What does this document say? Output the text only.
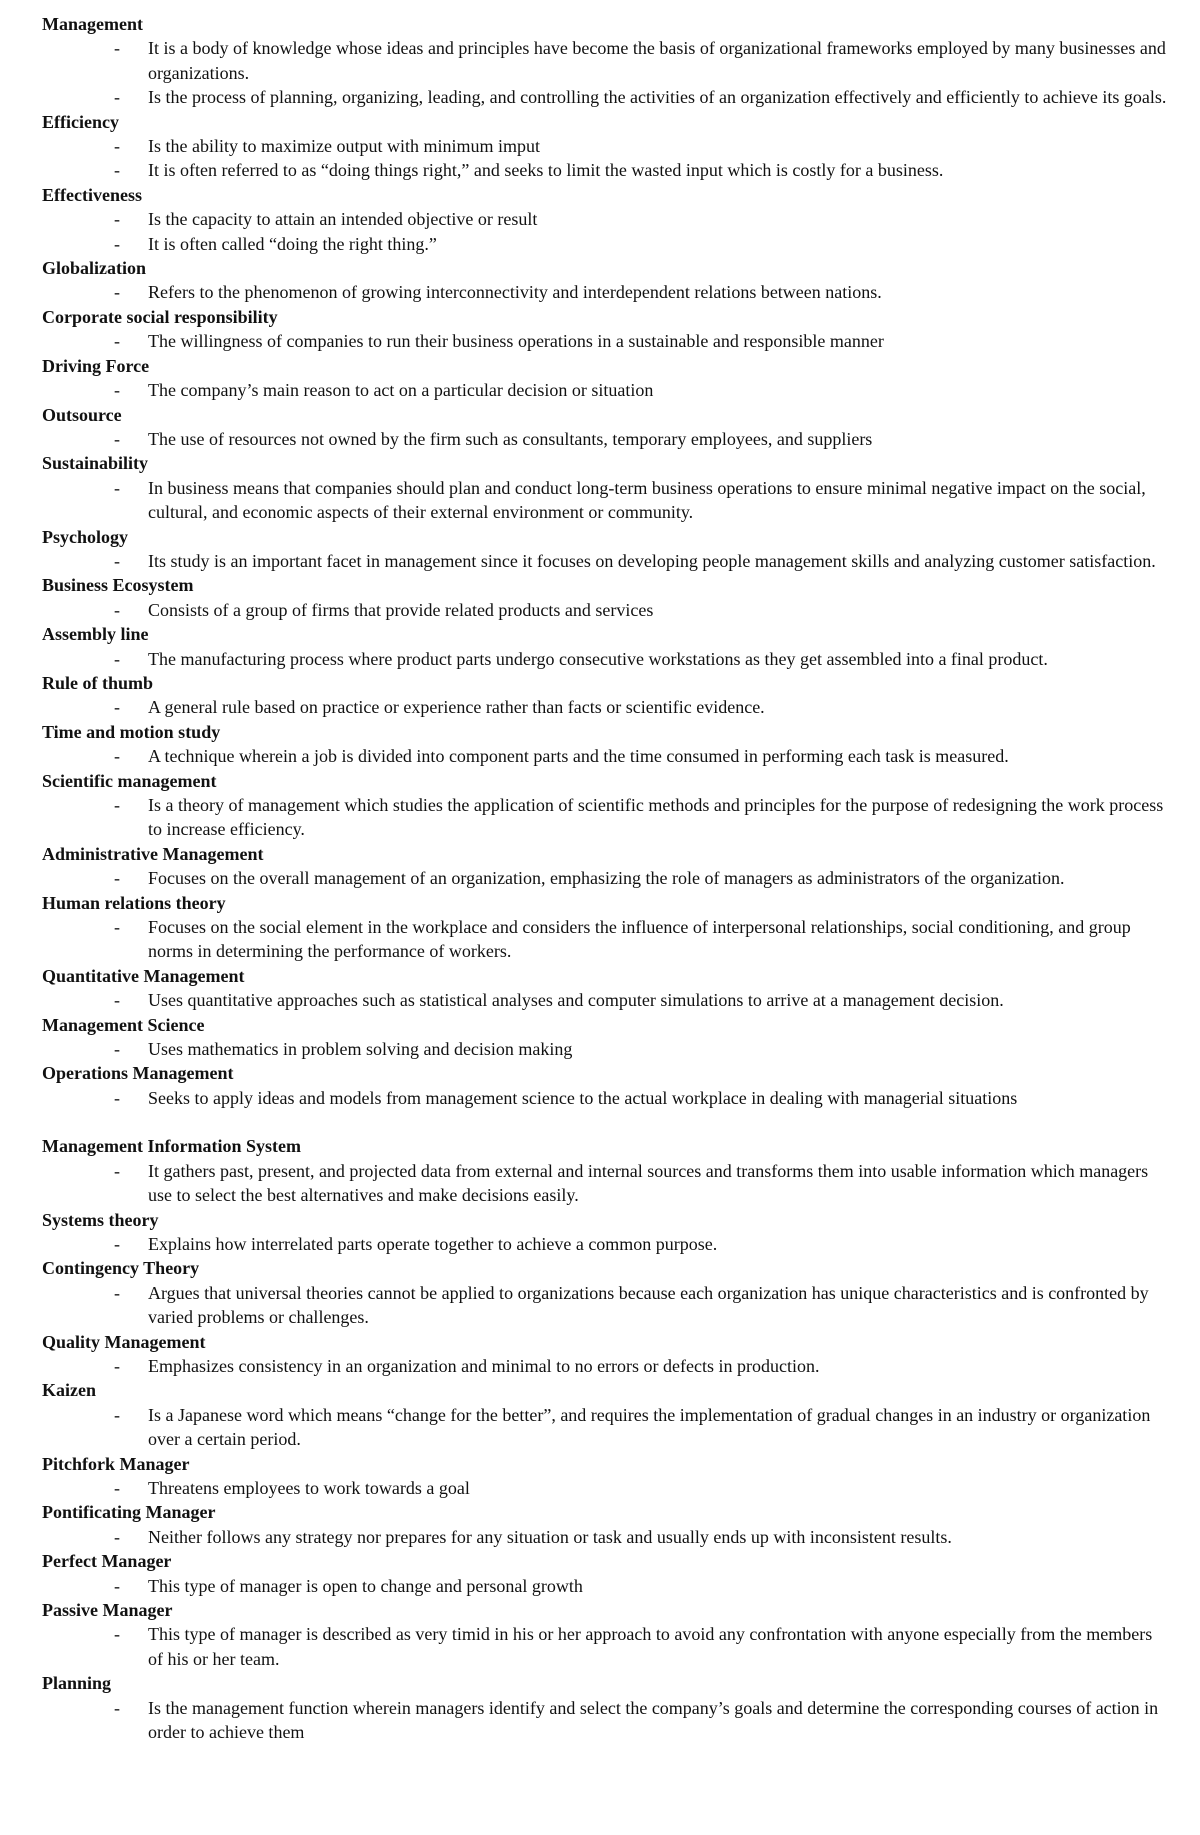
Management

- It is a body of knowledge whose ideas and principles have become the basis of organizational frameworks employed by many businesses and organizations.
- Is the process of planning, organizing, leading, and controlling the activities of an organization effectively and efficiently to achieve its goals.

Efficiency

- Is the ability to maximize output with minimum imput
- It is often referred to as “doing things right,” and seeks to limit the wasted input which is costly for a business.

Effectiveness

- Is the capacity to attain an intended objective or result
- It is often called “doing the right thing.”

Globalization

- Refers to the phenomenon of growing interconnectivity and interdependent relations between nations.

Corporate social responsibility

- The willingness of companies to run their business operations in a sustainable and responsible manner

Driving Force

- The company’s main reason to act on a particular decision or situation

Outsource

- The use of resources not owned by the firm such as consultants, temporary employees, and suppliers

Sustainability

- In business means that companies should plan and conduct long-term business operations to ensure minimal negative impact on the social, cultural, and economic aspects of their external environment or community.

Psychology

- Its study is an important facet in management since it focuses on developing people management skills and analyzing customer satisfaction.

Business Ecosystem

- Consists of a group of firms that provide related products and services

Assembly line

- The manufacturing process where product parts undergo consecutive workstations as they get assembled into a final product.

Rule of thumb

- A general rule based on practice or experience rather than facts or scientific evidence.

Time and motion study

- A technique wherein a job is divided into component parts and the time consumed in performing each task is measured.

Scientific management

- Is a theory of management which studies the application of scientific methods and principles for the purpose of redesigning the work process to increase efficiency.

Administrative Management

- Focuses on the overall management of an organization, emphasizing the role of managers as administrators of the organization.

Human relations theory

- Focuses on the social element in the workplace and considers the influence of interpersonal relationships, social conditioning, and group norms in determining the performance of workers.

Quantitative Management

- Uses quantitative approaches such as statistical analyses and computer simulations to arrive at a management decision.

Management Science

- Uses mathematics in problem solving and decision making

Operations Management

- Seeks to apply ideas and models from management science to the actual workplace in dealing with managerial situations

Management Information System

- It gathers past, present, and projected data from external and internal sources and transforms them into usable information which managers use to select the best alternatives and make decisions easily.

Systems theory

- Explains how interrelated parts operate together to achieve a common purpose.

Contingency Theory

- Argues that universal theories cannot be applied to organizations because each organization has unique characteristics and is confronted by varied problems or challenges.

Quality Management

- Emphasizes consistency in an organization and minimal to no errors or defects in production.

Kaizen

- Is a Japanese word which means “change for the better”, and requires the implementation of gradual changes in an industry or organization over a certain period.

Pitchfork Manager

- Threatens employees to work towards a goal

Pontificating Manager

- Neither follows any strategy nor prepares for any situation or task and usually ends up with inconsistent results.

Perfect Manager

- This type of manager is open to change and personal growth

Passive Manager

- This type of manager is described as very timid in his or her approach to avoid any confrontation with anyone especially from the members of his or her team.

Planning

- Is the management function wherein managers identify and select the company’s goals and determine the corresponding courses of action in order to achieve them
